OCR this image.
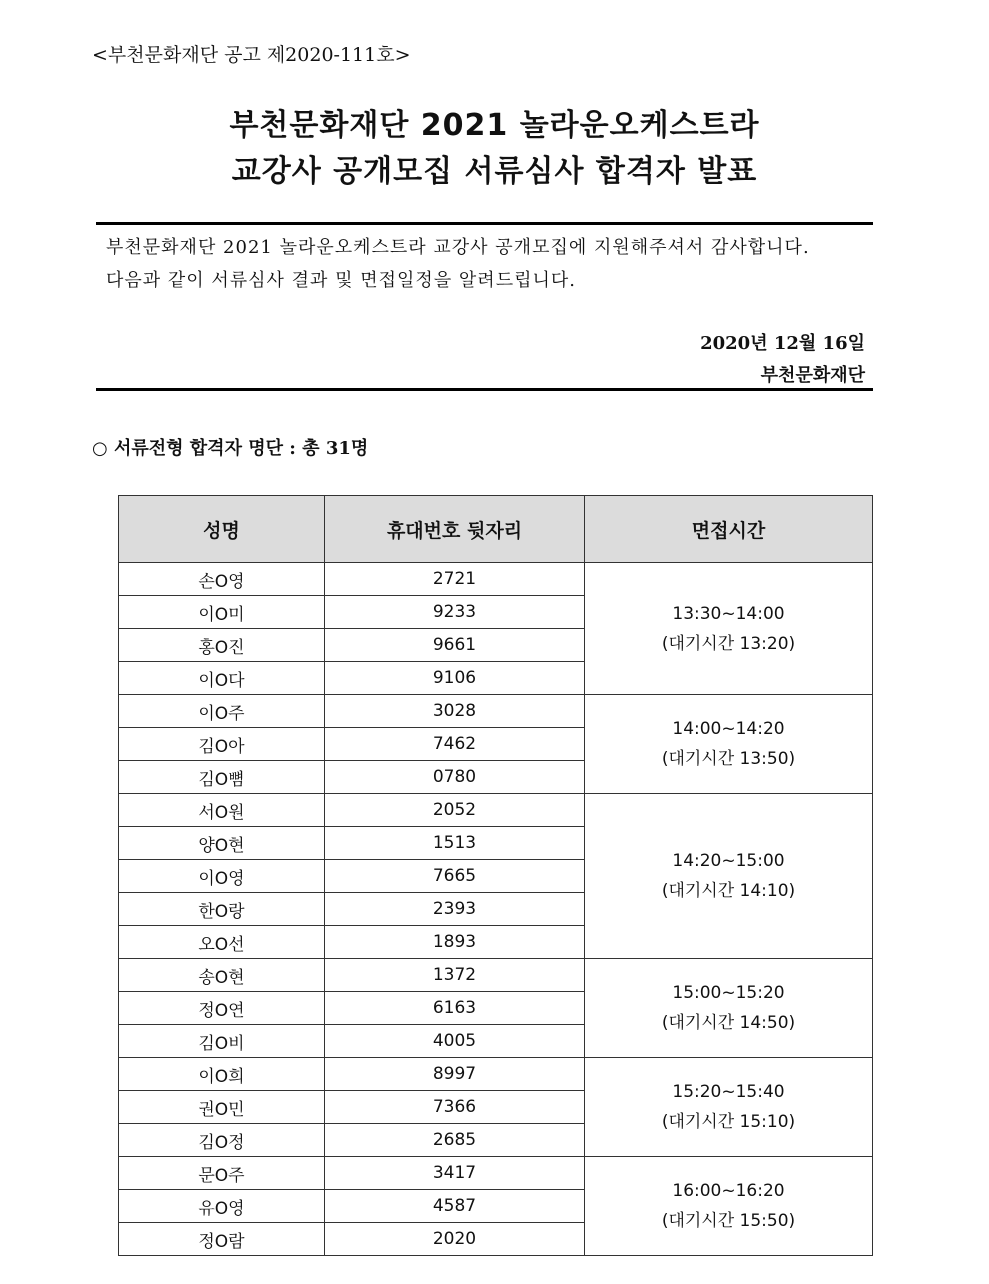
<부천문화재단 공고 제2020-111호>
부천문화재단 2021 놀라운오케스트라
교강사 공개모집 서류심사 합격자 발표
부천문화재단 2021 놀라운오케스트라 교강사 공개모집에 지원해주셔서 감사합니다.
다음과 같이 서류심사 결과 및 면접일정을 알려드립니다.
2020년 12월 16일
부천문화재단
○ 서류전형 합격자 명단 : 총 31명
성명	휴대번호 뒷자리	면접시간
손O영	2721	13:30~14:00
(대기시간 13:20)

이O미	9233	
홍O진	9661	
이O다	9106	
이O주	3028	14:00~14:20
(대기시간 13:50)

김O아	7462	
김O뼘	0780	
서O원	2052	14:20~15:00
(대기시간 14:10)

양O현	1513	
이O영	7665	
한O랑	2393	
오O선	1893	
송O현	1372	15:00~15:20
(대기시간 14:50)

정O연	6163	
김O비	4005	
이O희	8997	15:20~15:40
(대기시간 15:10)

권O민	7366	
김O정	2685	
문O주	3417	16:00~16:20
(대기시간 15:50)

유O영	4587	
정O람	2020	
